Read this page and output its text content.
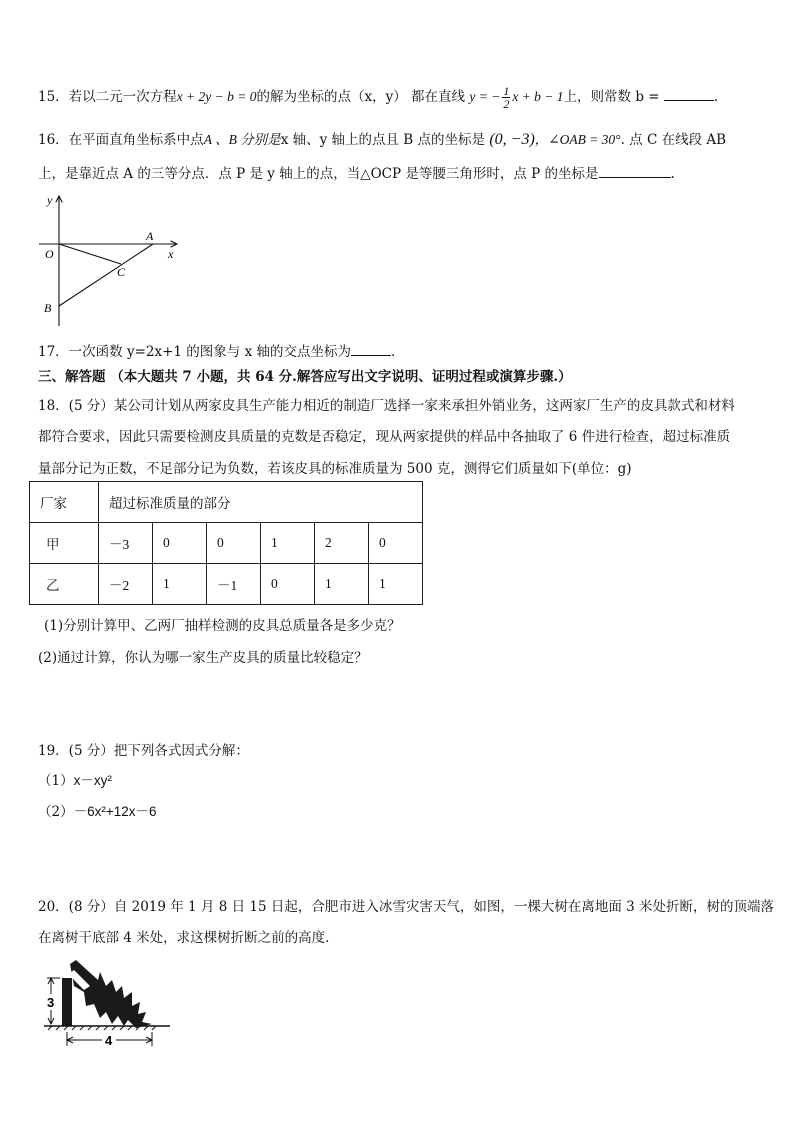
15．若以二元一次方程x + 2y − b = 0的解为坐标的点（x，y） 都在直线 y = − $\frac{1}{2}$ x + b − 1上，则常数 b =	.
16．在平面直角坐标系中点A 、B 分别是x 轴、y 轴上的点且 B 点的坐标是 (0, −3)，∠OAB = 30°. 点 C 在线段 AB
上，是靠近点 A 的三等分点．点 P 是 y 轴上的点，当△OCP 是等腰三角形时，点 P 的坐标是	.
y
x
O
A
C
B
17．一次函数 y=2x+1 的图象与 x 轴的交点坐标为	.
三、解答题 （本大题共 7 小题，共 64 分.解答应写出文字说明、证明过程或演算步骤.）
18．(5 分）某公司计划从两家皮具生产能力相近的制造厂选择一家来承担外销业务，这两家厂生产的皮具款式和材料
都符合要求，因此只需要检测皮具质量的克数是否稳定，现从两家提供的样品中各抽取了 6 件进行检查，超过标准质
量部分记为正数，不足部分记为负数，若该皮具的标准质量为 500 克，测得它们质量如下(单位：g)
厂家	超过标准质量的部分					
甲	－3	0	0	1	2	0
乙	－2	1	－1	0	1	1
(1)分别计算甲、乙两厂抽样检测的皮具总质量各是多少克？
(2)通过计算，你认为哪一家生产皮具的质量比较稳定？
19．(5 分）把下列各式因式分解：
（1）x－xy²
（2）－6x²+12x－6
20．(8 分）自 2019 年 1 月 8 日 15 日起，合肥市进入冰雪灾害天气，如图，一棵大树在离地面 3 米处折断，树的顶端落
在离树干底部 4 米处，求这棵树折断之前的高度.
3
4
